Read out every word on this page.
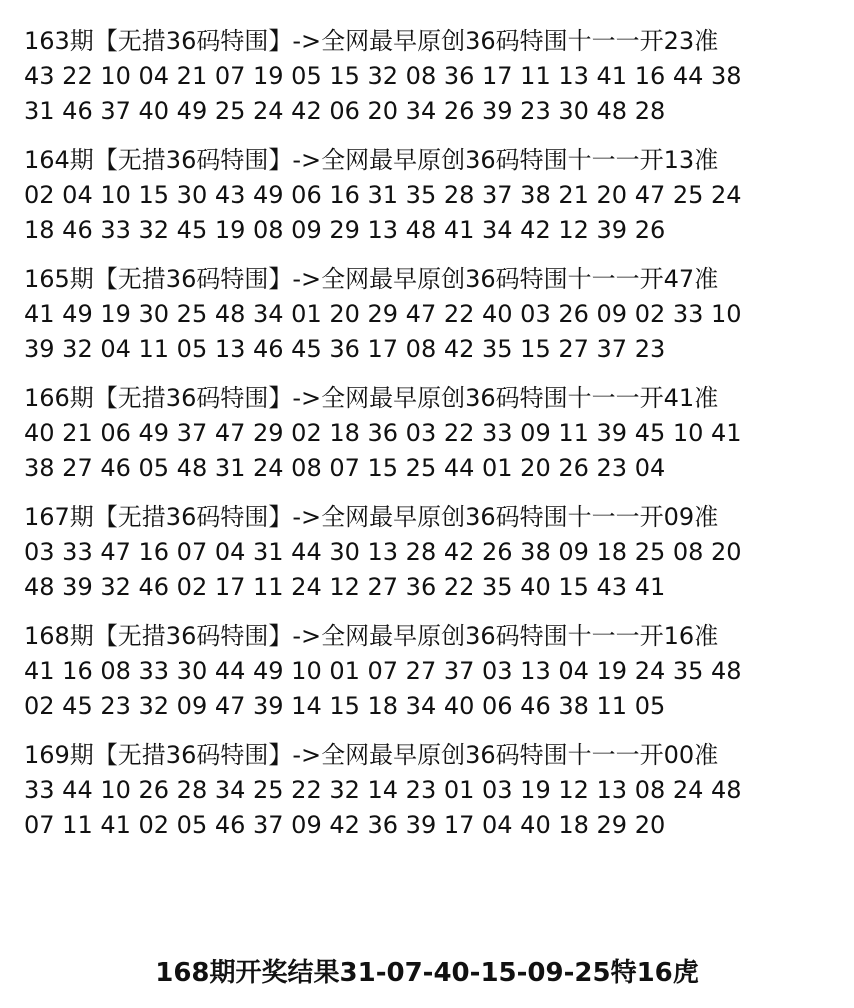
163期【无措36码特围】->全网最早原创36码特围十一一开23准
43 22 10 04 21 07 19 05 15 32 08 36 17 11 13 41 16 44 38
31 46 37 40 49 25 24 42 06 20 34 26 39 23 30 48 28
164期【无措36码特围】->全网最早原创36码特围十一一开13准
02 04 10 15 30 43 49 06 16 31 35 28 37 38 21 20 47 25 24
18 46 33 32 45 19 08 09 29 13 48 41 34 42 12 39 26
165期【无措36码特围】->全网最早原创36码特围十一一开47准
41 49 19 30 25 48 34 01 20 29 47 22 40 03 26 09 02 33 10
39 32 04 11 05 13 46 45 36 17 08 42 35 15 27 37 23
166期【无措36码特围】->全网最早原创36码特围十一一开41准
40 21 06 49 37 47 29 02 18 36 03 22 33 09 11 39 45 10 41
38 27 46 05 48 31 24 08 07 15 25 44 01 20 26 23 04
167期【无措36码特围】->全网最早原创36码特围十一一开09准
03 33 47 16 07 04 31 44 30 13 28 42 26 38 09 18 25 08 20
48 39 32 46 02 17 11 24 12 27 36 22 35 40 15 43 41
168期【无措36码特围】->全网最早原创36码特围十一一开16准
41 16 08 33 30 44 49 10 01 07 27 37 03 13 04 19 24 35 48
02 45 23 32 09 47 39 14 15 18 34 40 06 46 38 11 05
169期【无措36码特围】->全网最早原创36码特围十一一开00准
33 44 10 26 28 34 25 22 32 14 23 01 03 19 12 13 08 24 48
07 11 41 02 05 46 37 09 42 36 39 17 04 40 18 29 20
168期开奖结果31-07-40-15-09-25特16虎
